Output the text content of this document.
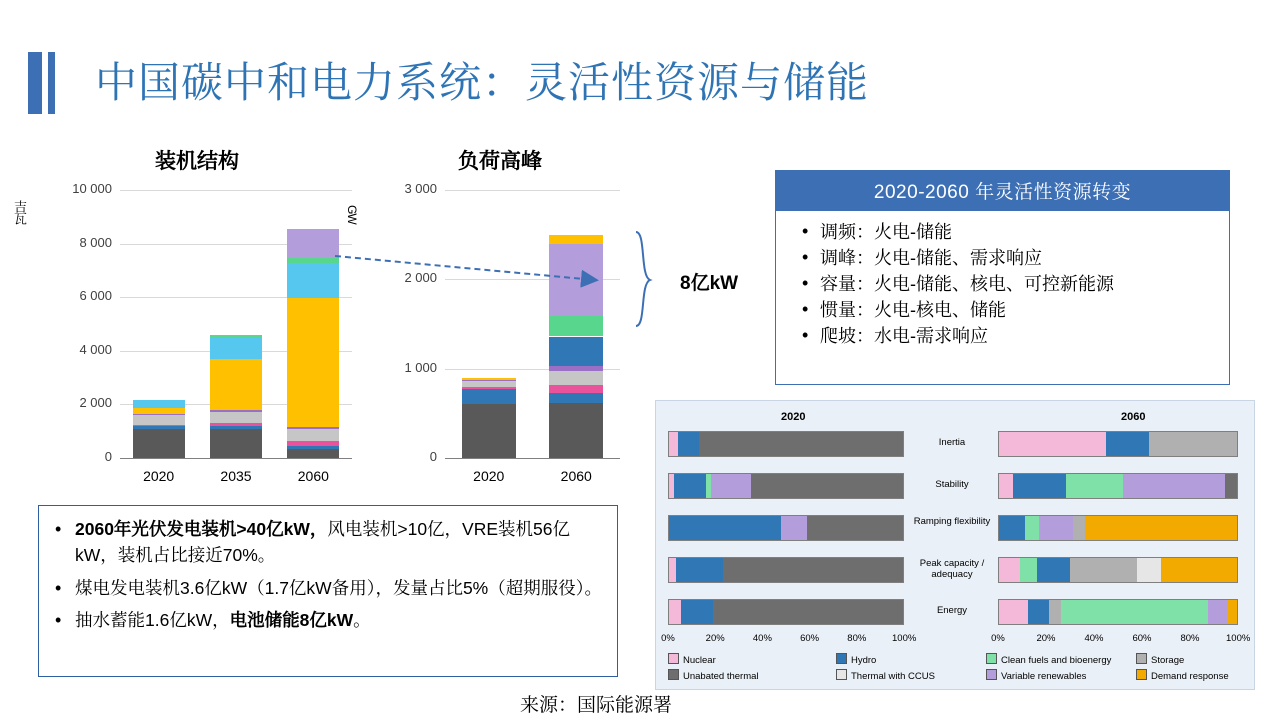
中国碳中和电力系统：灵活性资源与储能
装机结构
吉瓦
0
2 000
4 000
6 000
8 000
10 000
2020	2035	2060
负荷高峰
GW
0
1 000
2 000
3 000
2020	2060
8亿kW
2020-2060 年灵活性资源转变
• 调频：火电-储能
• 调峰：火电-储能、需求响应
• 容量：火电-储能、核电、可控新能源
• 惯量：火电-核电、储能
• 爬坡：水电-需求响应
• 2060年光伏发电装机>40亿kW，风电装机>10亿，VRE装机56亿kW，装机占比接近70%。
• 煤电发电装机3.6亿kW（1.7亿kW备用），发量占比5%（超期服役）。
• 抽水蓄能1.6亿kW，电池储能8亿kW。
2020	2060
Inertia
Stability
Ramping flexibility
Peak capacity / adequacy
Energy
0%	20%	40%	60%	80%	100%	0%	20%	40%	60%	80%	100%
Nuclear	Hydro	Clean fuels and bioenergy	Storage
Unabated thermal	Thermal with CCUS	Variable renewables	Demand response
来源：国际能源署
